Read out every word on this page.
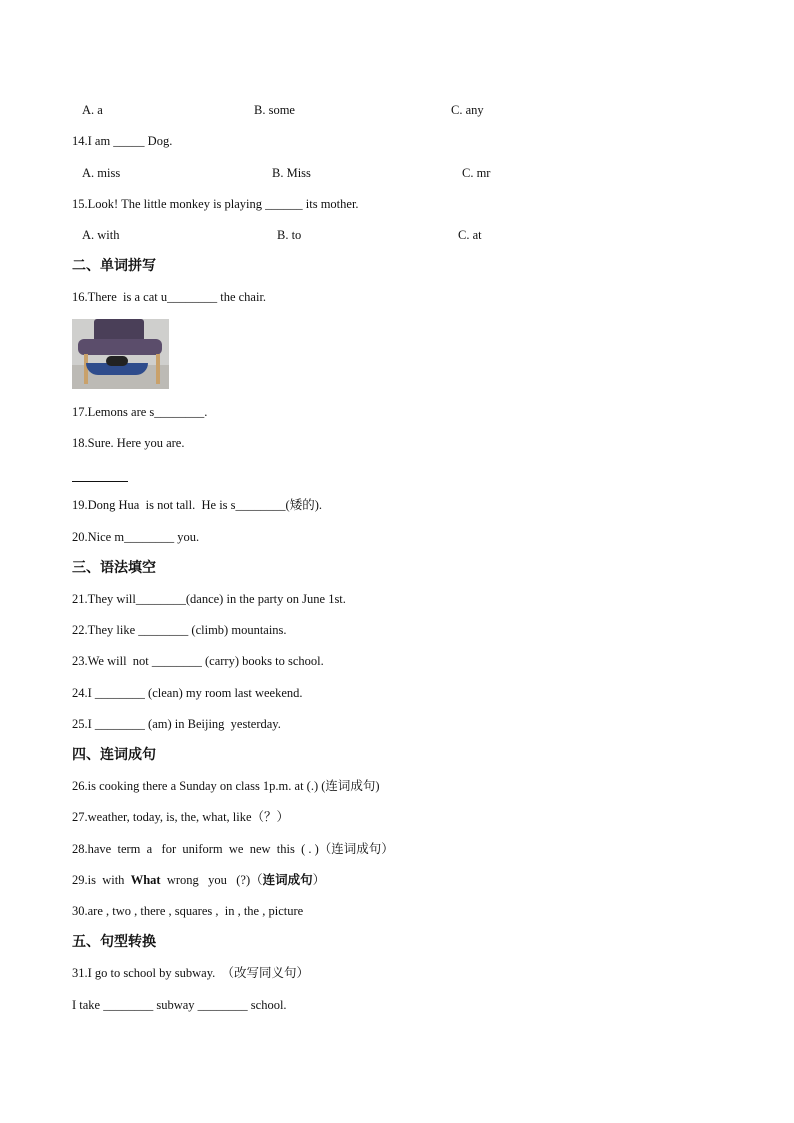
A. a	B. some	C. any
14.I am _____ Dog.
A. miss	B. Miss	C. mr
15.Look! The little monkey is playing ______ its mother.
A. with	B. to	C. at
二、单词拼写
16.There  is a cat u________ the chair.
17.Lemons are s________.
18.Sure. Here you are.
19.Dong Hua  is not tall.  He is s________(矮的).
20.Nice m________ you.
三、语法填空
21.They will________(dance) in the party on June 1st.
22.They like ________ (climb) mountains.
23.We will  not ________ (carry) books to school.
24.I ________ (clean) my room last weekend.
25.I ________ (am) in Beijing  yesterday.
四、连词成句
26.is cooking there a Sunday on class 1p.m. at (.) (连词成句)
27.weather, today, is, the, what, like（？）
28.have  term  a   for  uniform  we  new  this  ( . )（连词成句）
29.is  with  What  wrong   you   (?)（连词成句）
30.are , two , there , squares ,  in , the , picture
五、句型转换
31.I go to school by subway.  （改写同义句）
I take ________ subway ________ school.
